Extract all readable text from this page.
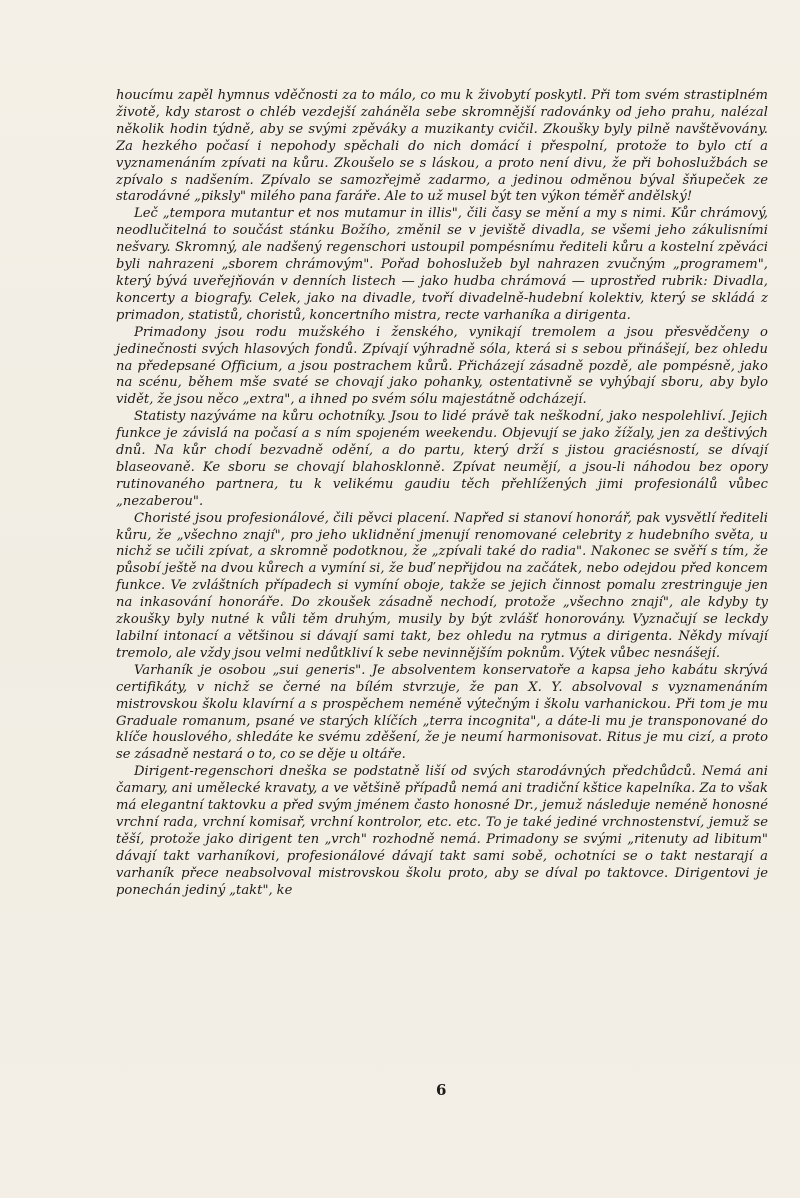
houcímu zapěl hymnus vděčnosti za to málo, co mu k živobytí poskytl. Při tom svém strastiplném životě, kdy starost o chléb vezdejší zaháněla sebe skromnější radovánky od jeho prahu, nalézal několik hodin týdně, aby se svými zpěváky a muzikanty cvičil. Zkoušky byly pilně navštěvovány. Za hezkého počasí i nepohody spěchali do nich domácí i přespolní, protože to bylo ctí a vyznamenáním zpívati na kůru. Zkoušelo se s láskou, a proto není divu, že při bohoslužbách se zpívalo s nadšením. Zpívalo se samozřejmě zadarmo, a jedinou odměnou býval šňupeček ze starodávné „piksly" milého pana faráře. Ale to už musel být ten výkon téměř andělský!

Leč „tempora mutantur et nos mutamur in illis", čili časy se mění a my s nimi. Kůr chrámový, neodlučitelná to součást stánku Božího, změnil se v jeviště divadla, se všemi jeho zákulisními nešvary. Skromný, ale nadšený regenschori ustoupil pompésnímu řediteli kůru a kostelní zpěváci byli nahrazeni „sborem chrámovým". Pořad bohoslužeb byl nahrazen zvučným „programem", který bývá uveřejňován v denních listech — jako hudba chrámová — uprostřed rubrik: Divadla, koncerty a biografy. Celek, jako na divadle, tvoří divadelně-hudební kolektiv, který se skládá z primadon, statistů, choristů, koncertního mistra, recte varhaníka a dirigenta.

Primadony jsou rodu mužského i ženského, vynikají tremolem a jsou přesvědčeny o jedinečnosti svých hlasových fondů. Zpívají výhradně sóla, která si s sebou přinášejí, bez ohledu na předepsané Officium, a jsou postrachem kůrů. Přicházejí zásadně pozdě, ale pompésně, jako na scénu, během mše svaté se chovají jako pohanky, ostentativně se vyhýbají sboru, aby bylo vidět, že jsou něco „extra", a ihned po svém sólu majestátně odcházejí.

Statisty nazýváme na kůru ochotníky. Jsou to lidé právě tak neškodní, jako nespolehliví. Jejich funkce je závislá na počasí a s ním spojeném weekendu. Objevují se jako žížaly, jen za deštivých dnů. Na kůr chodí bezvadně odění, a do partu, který drží s jistou graciésností, se dívají blaseovaně. Ke sboru se chovají blahosklonně. Zpívat neumějí, a jsou-li náhodou bez opory rutinovaného partnera, tu k velikému gaudiu těch přehlížených jimi profesionálů vůbec „nezaberou".

Choristé jsou profesionálové, čili pěvci placení. Napřed si stanoví honorář, pak vysvětlí řediteli kůru, že „všechno znají", pro jeho uklidnění jmenují renomované celebrity z hudebního světa, u nichž se učili zpívat, a skromně podotknou, že „zpívali také do radia". Nakonec se svěří s tím, že působí ještě na dvou kůrech a vymíní si, že buď nepřijdou na začátek, nebo odejdou před koncem funkce. Ve zvláštních případech si vymíní oboje, takže se jejich činnost pomalu zrestringuje jen na inkasování honoráře. Do zkoušek zásadně nechodí, protože „všechno znají", ale kdyby ty zkoušky byly nutné k vůli těm druhým, musily by být zvlášť honorovány. Vyznačují se leckdy labilní intonací a většinou si dávají sami takt, bez ohledu na rytmus a dirigenta. Někdy mívají tremolo, ale vždy jsou velmi nedůtkliví k sebe nevinnějším poknům. Výtek vůbec nesnášejí.

Varhaník je osobou „sui generis". Je absolventem konservatoře a kapsa jeho kabátu skrývá certifikáty, v nichž se černé na bílém stvrzuje, že pan X. Y. absolvoval s vyznamenáním mistrovskou školu klavírní a s prospěchem neméně výtečným i školu varhanickou. Při tom je mu Graduale romanum, psané ve starých klíčích „terra incognita", a dáte-li mu je transponované do klíče houslového, shledáte ke svému zděšení, že je neumí harmonisovat. Ritus je mu cizí, a proto se zásadně nestará o to, co se děje u oltáře.

Dirigent-regenschori dneška se podstatně liší od svých starodávných předchůdců. Nemá ani čamary, ani umělecké kravaty, a ve většině případů nemá ani tradiční kštice kapelníka. Za to však má elegantní taktovku a před svým jménem často honosné Dr., jemuž následuje neméně honosné vrchní rada, vrchní komisař, vrchní kontrolor, etc. etc. To je také jediné vrchnostenství, jemuž se těší, protože jako dirigent ten „vrch" rozhodně nemá. Primadony se svými „ritenuty ad libitum" dávají takt varhaníkovi, profesionálové dávají takt sami sobě, ochotníci se o takt nestarají a varhaník přece neabsolvoval mistrovskou školu proto, aby se díval po taktovce. Dirigentovi je ponechán jediný „takt", ke

6
